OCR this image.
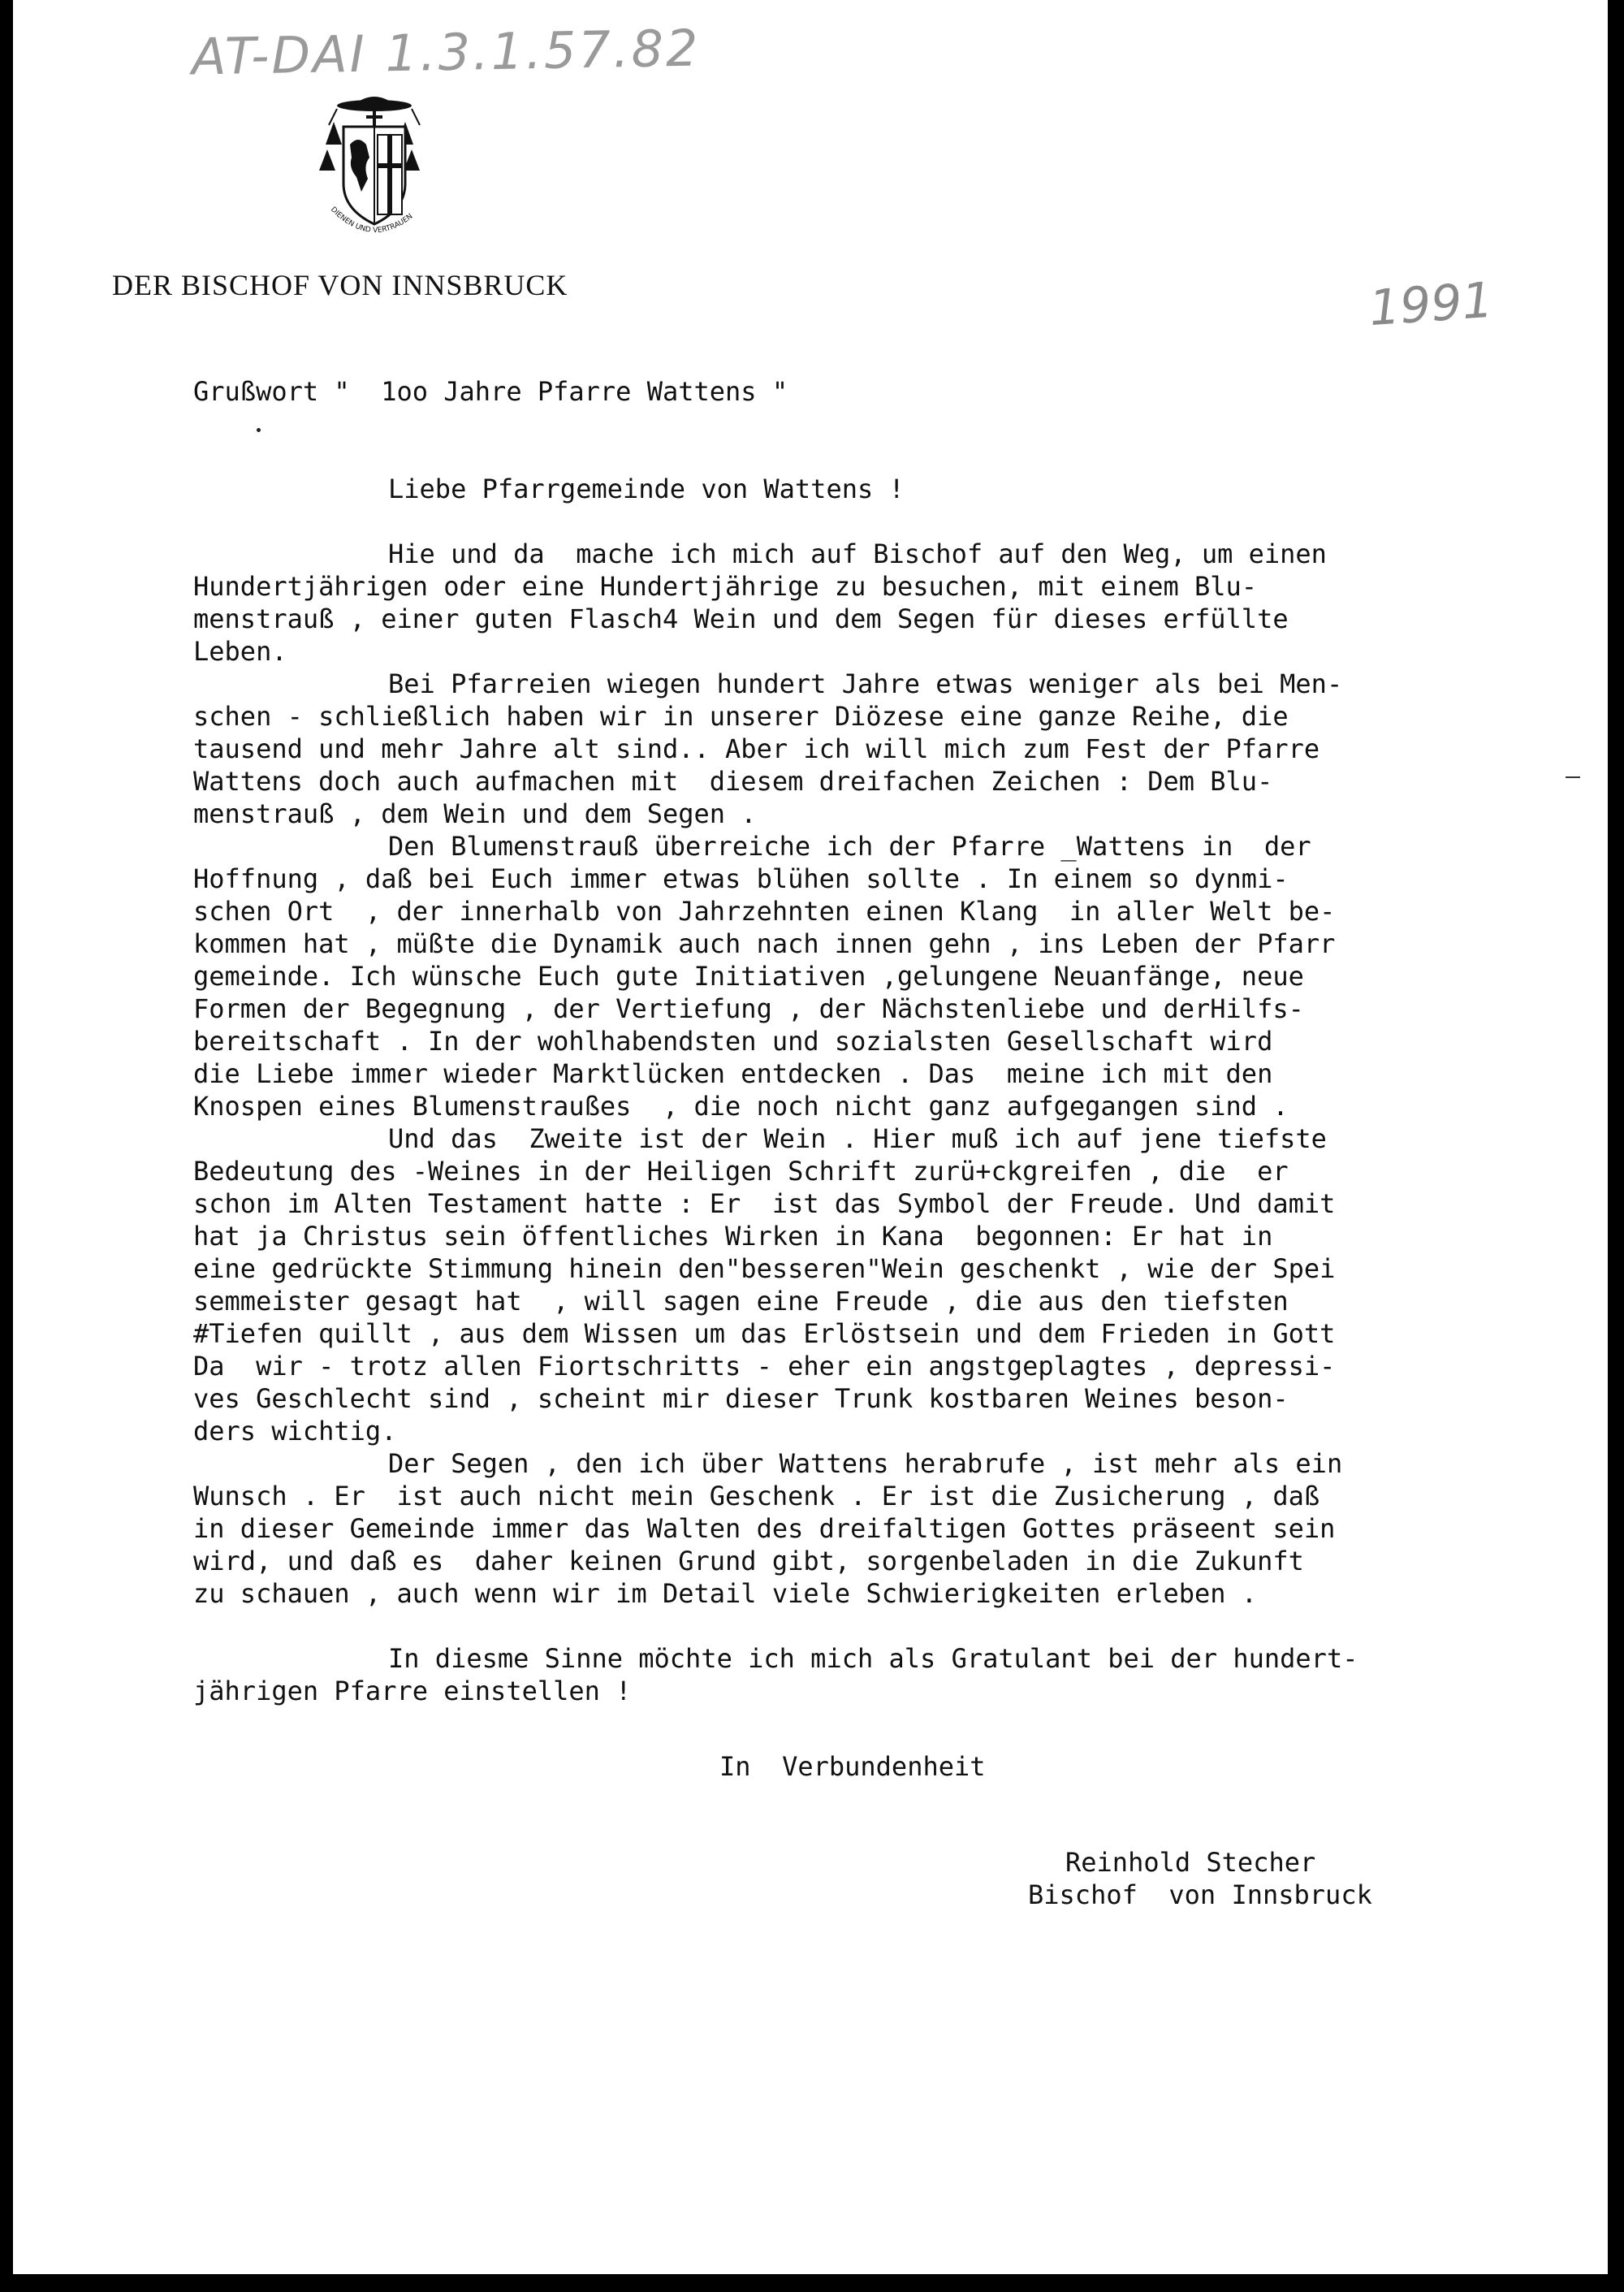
AT-DAI 1.3.1.57.82
DIENEN UND VERTRAUEN
DER BISCHOF VON INNSBRUCK	1991
Grußwort "  1oo Jahre Pfarre Wattens "
Liebe Pfarrgemeinde von Wattens !
Hie und da  mache ich mich auf Bischof auf den Weg, um einen
Hundertjährigen oder eine Hundertjährige zu besuchen, mit einem Blu-
menstrauß , einer guten Flasch4 Wein und dem Segen für dieses erfüllte
Leben.
Bei Pfarreien wiegen hundert Jahre etwas weniger als bei Men-
schen - schließlich haben wir in unserer Diözese eine ganze Reihe, die
tausend und mehr Jahre alt sind.. Aber ich will mich zum Fest der Pfarre
Wattens doch auch aufmachen mit  diesem dreifachen Zeichen : Dem Blu-
menstrauß , dem Wein und dem Segen .
Den Blumenstrauß überreiche ich der Pfarre _Wattens in  der
Hoffnung , daß bei Euch immer etwas blühen sollte . In einem so dynmi-
schen Ort  , der innerhalb von Jahrzehnten einen Klang  in aller Welt be-
kommen hat , müßte die Dynamik auch nach innen gehn , ins Leben der Pfarr
gemeinde. Ich wünsche Euch gute Initiativen ,gelungene Neuanfänge, neue
Formen der Begegnung , der Vertiefung , der Nächstenliebe und derHilfs-
bereitschaft . In der wohlhabendsten und sozialsten Gesellschaft wird
die Liebe immer wieder Marktlücken entdecken . Das  meine ich mit den
Knospen eines Blumenstraußes  , die noch nicht ganz aufgegangen sind .
Und das  Zweite ist der Wein . Hier muß ich auf jene tiefste
Bedeutung des -Weines in der Heiligen Schrift zurü+ckgreifen , die  er
schon im Alten Testament hatte : Er  ist das Symbol der Freude. Und damit
hat ja Christus sein öffentliches Wirken in Kana  begonnen: Er hat in
eine gedrückte Stimmung hinein den"besseren"Wein geschenkt , wie der Spei
semmeister gesagt hat  , will sagen eine Freude , die aus den tiefsten
#Tiefen quillt , aus dem Wissen um das Erlöstsein und dem Frieden in Gott
Da  wir - trotz allen Fiortschritts - eher ein angstgeplagtes , depressi-
ves Geschlecht sind , scheint mir dieser Trunk kostbaren Weines beson-
ders wichtig.
Der Segen , den ich über Wattens herabrufe , ist mehr als ein
Wunsch . Er  ist auch nicht mein Geschenk . Er ist die Zusicherung , daß
in dieser Gemeinde immer das Walten des dreifaltigen Gottes präseent sein
wird, und daß es  daher keinen Grund gibt, sorgenbeladen in die Zukunft
zu schauen , auch wenn wir im Detail viele Schwierigkeiten erleben .
In diesme Sinne möchte ich mich als Gratulant bei der hundert-
jährigen Pfarre einstellen !
In  Verbundenheit
Reinhold Stecher
Bischof  von Innsbruck
